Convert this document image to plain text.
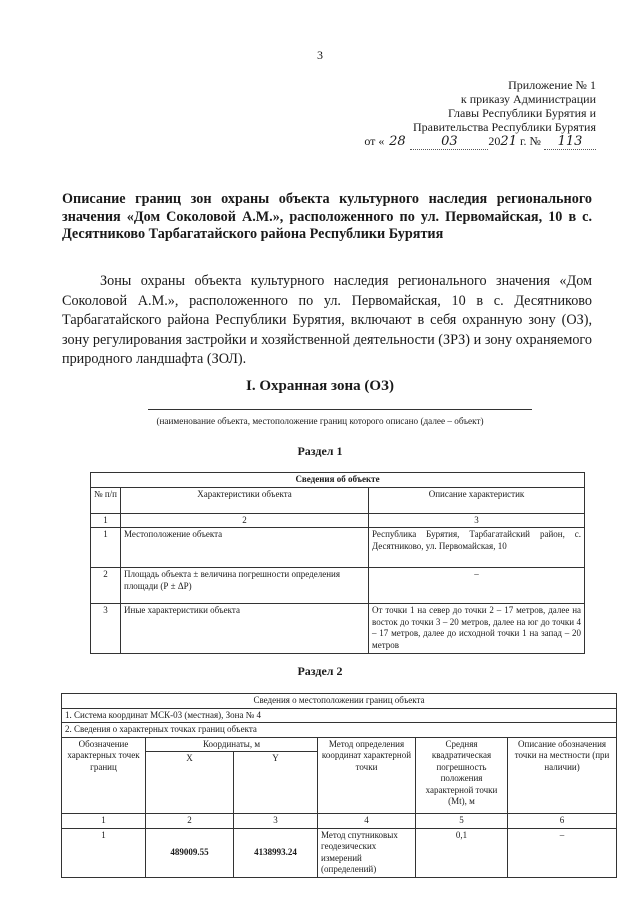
3
Приложение № 1
к приказу Администрации
Главы Республики Бурятия и
Правительства Республики Бурятия
от « 28	03	2021 г. № 113
Описание границ зон охраны объекта культурного наследия регионального значения «Дом Соколовой А.М.», расположенного по ул. Первомайская, 10 в с. Десятниково Тарбагатайского района Республики Бурятия
Зоны охраны объекта культурного наследия регионального значения «Дом Соколовой А.М.», расположенного по ул. Первомайская, 10 в с. Десятниково Тарбагатайского района Республики Бурятия, включают в себя охранную зону (ОЗ), зону регулирования застройки и хозяйственной деятельности (ЗРЗ) и зону охраняемого природного ландшафта (ЗОЛ).
I. Охранная зона (ОЗ)
(наименование объекта, местоположение границ которого описано (далее – объект)
Раздел 1
Сведения об объекте		
№ п/п	Характеристики объекта	Описание характеристик
1	2	3
1	Местоположение объекта	Республика Бурятия, Тарбагатайский район, с. Десятниково, ул. Первомайская, 10
2	Площадь объекта ± величина погрешности определения площади (Р ± ΔР)	–
3	Иные характеристики объекта	От точки 1 на север до точки 2 – 17 метров, далее на восток до точки 3 – 20 метров, далее на юг до точки 4 – 17 метров, далее до исходной точки 1 на запад – 20 метров
Раздел 2
Сведения о местоположении границ объекта					
1. Система координат МСК-03 (местная), Зона № 4					
2. Сведения о характерных точках границ объекта					
Обозначение характерных точек границ	Координаты, м		Метод определения координат характерной точки	Средняя квадратическая погрешность положения характерной точки (Mt), м	Описание обозначения точки на местности (при наличии)
	X	Y			
1	2	3	4	5	6
1	489009.55	4138993.24	Метод спутниковых геодезических измерений (определений)	0,1	–
